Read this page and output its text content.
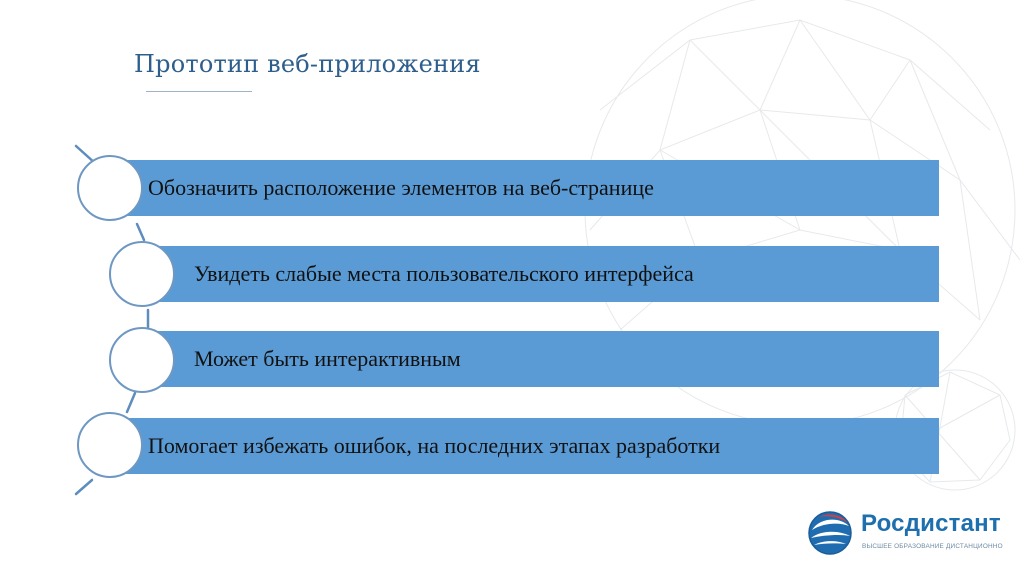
Прототип веб-приложения
Обозначить расположение элементов на веб-странице
Увидеть слабые места пользовательского интерфейса
Может быть интерактивным
Помогает избежать ошибок, на последних этапах разработки
Росдистант
ВЫСШЕЕ ОБРАЗОВАНИЕ ДИСТАНЦИОННО
